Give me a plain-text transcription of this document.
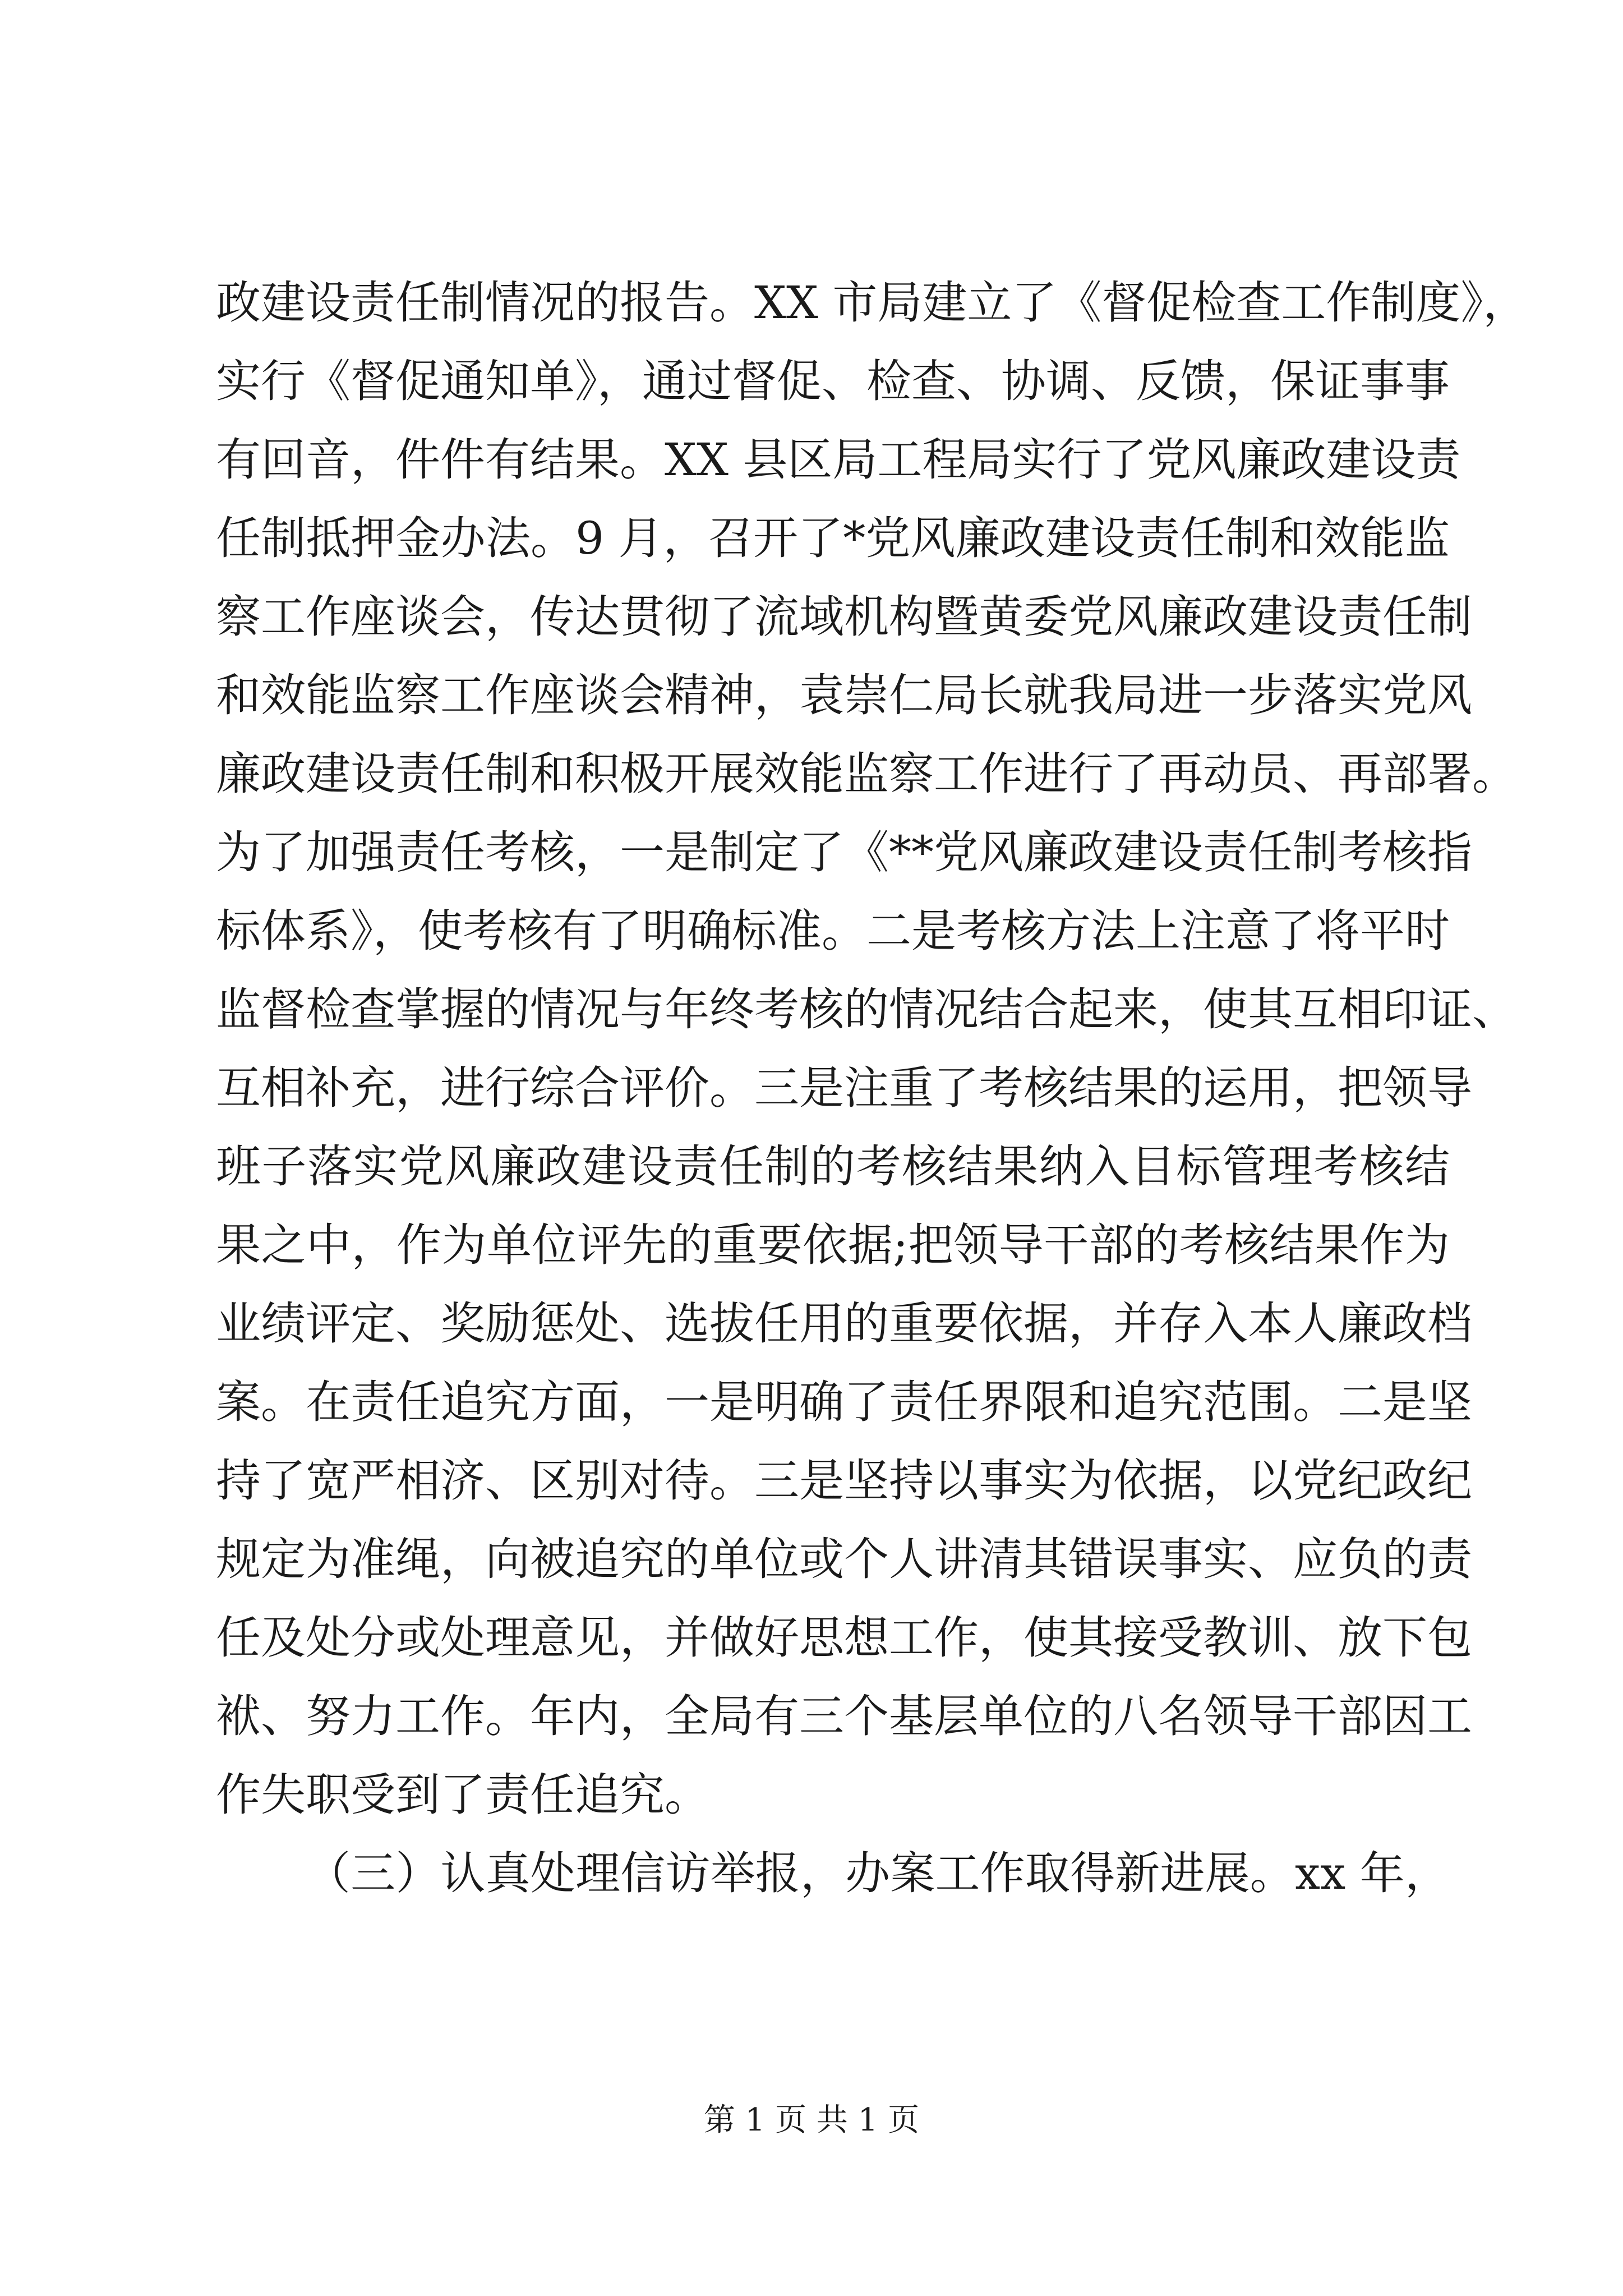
政建设责任制情况的报告。XX 市局建立了《督促检查工作制度》，
实行《督促通知单》，通过督促、检查、协调、反馈，保证事事
有回音，件件有结果。XX 县区局工程局实行了党风廉政建设责
任制抵押金办法。9 月，召开了*党风廉政建设责任制和效能监
察工作座谈会，传达贯彻了流域机构暨黄委党风廉政建设责任制
和效能监察工作座谈会精神，袁崇仁局长就我局进一步落实党风
廉政建设责任制和积极开展效能监察工作进行了再动员、再部署。
为了加强责任考核，一是制定了《**党风廉政建设责任制考核指
标体系》，使考核有了明确标准。二是考核方法上注意了将平时
监督检查掌握的情况与年终考核的情况结合起来，使其互相印证、
互相补充，进行综合评价。三是注重了考核结果的运用，把领导
班子落实党风廉政建设责任制的考核结果纳入目标管理考核结
果之中，作为单位评先的重要依据;把领导干部的考核结果作为
业绩评定、奖励惩处、选拔任用的重要依据，并存入本人廉政档
案。在责任追究方面，一是明确了责任界限和追究范围。二是坚
持了宽严相济、区别对待。三是坚持以事实为依据，以党纪政纪
规定为准绳，向被追究的单位或个人讲清其错误事实、应负的责
任及处分或处理意见，并做好思想工作，使其接受教训、放下包
袱、努力工作。年内，全局有三个基层单位的八名领导干部因工
作失职受到了责任追究。
（三）认真处理信访举报，办案工作取得新进展。xx 年，
第 1 页 共 1 页
